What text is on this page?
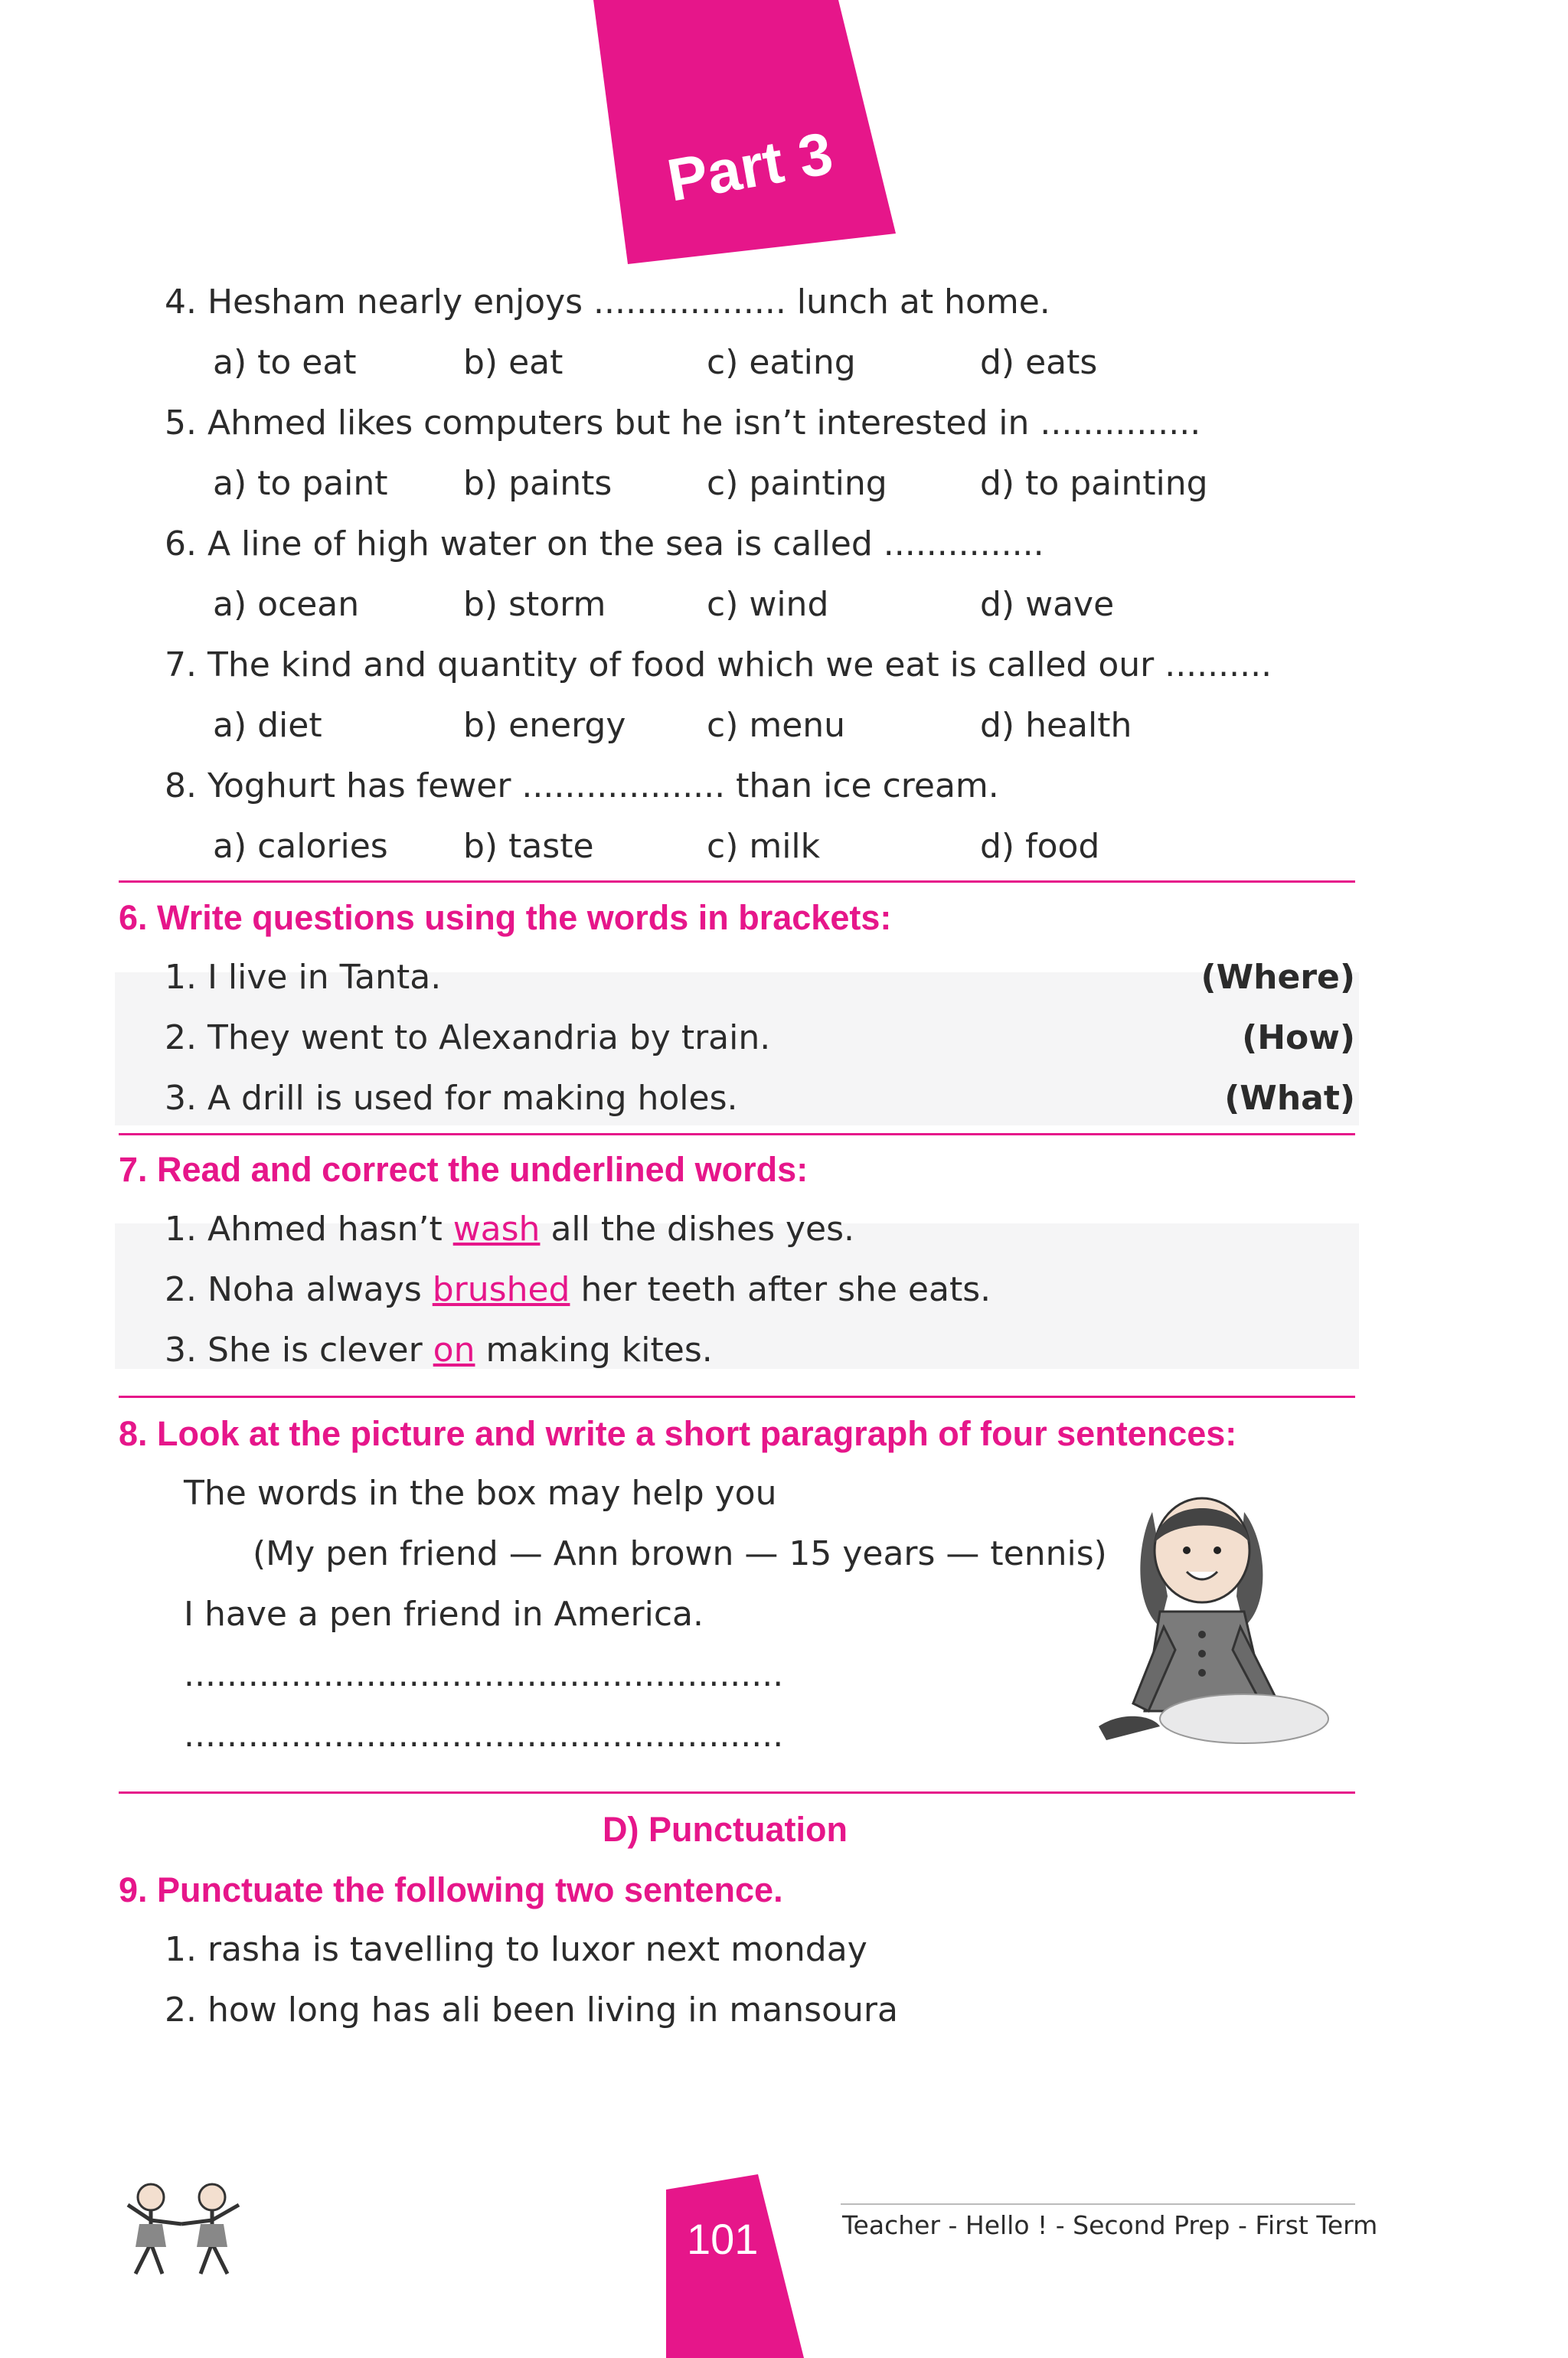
Part 3
4. Hesham nearly enjoys .................. lunch at home.
a) to eat	b) eat	c) eating	d) eats
5. Ahmed likes computers but he isn’t interested in ...............
a) to paint b) paints	c) painting	d) to painting
6. A line of high water on the sea is called ...............
a) ocean	b) storm	c) wind	d) wave
7. The kind and quantity of food which we eat is called our ..........
a) diet	b) energy c) menu	d) health
8. Yoghurt has fewer ................... than ice cream.
a) calories b) taste	c) milk	d) food
6. Write questions using the words in brackets:
1. I live in Tanta.	(Where)
2. They went to Alexandria by train.	(How)
3. A drill is used for making holes.	(What)
7. Read and correct the underlined words:
1. Ahmed hasn’t wash all the dishes yes.
2. Noha always brushed her teeth after she eats.
3. She is clever on making kites.
8. Look at the picture and write a short paragraph of four sentences:
The words in the box may help you
(My pen friend — Ann brown — 15 years — tennis)
I have a pen friend in America.
........................................................
........................................................
D) Punctuation
9. Punctuate the following two sentence.
1. rasha is tavelling to luxor next monday
2. how long has ali been living in mansoura
101	Teacher - Hello ! - Second Prep - First Term
